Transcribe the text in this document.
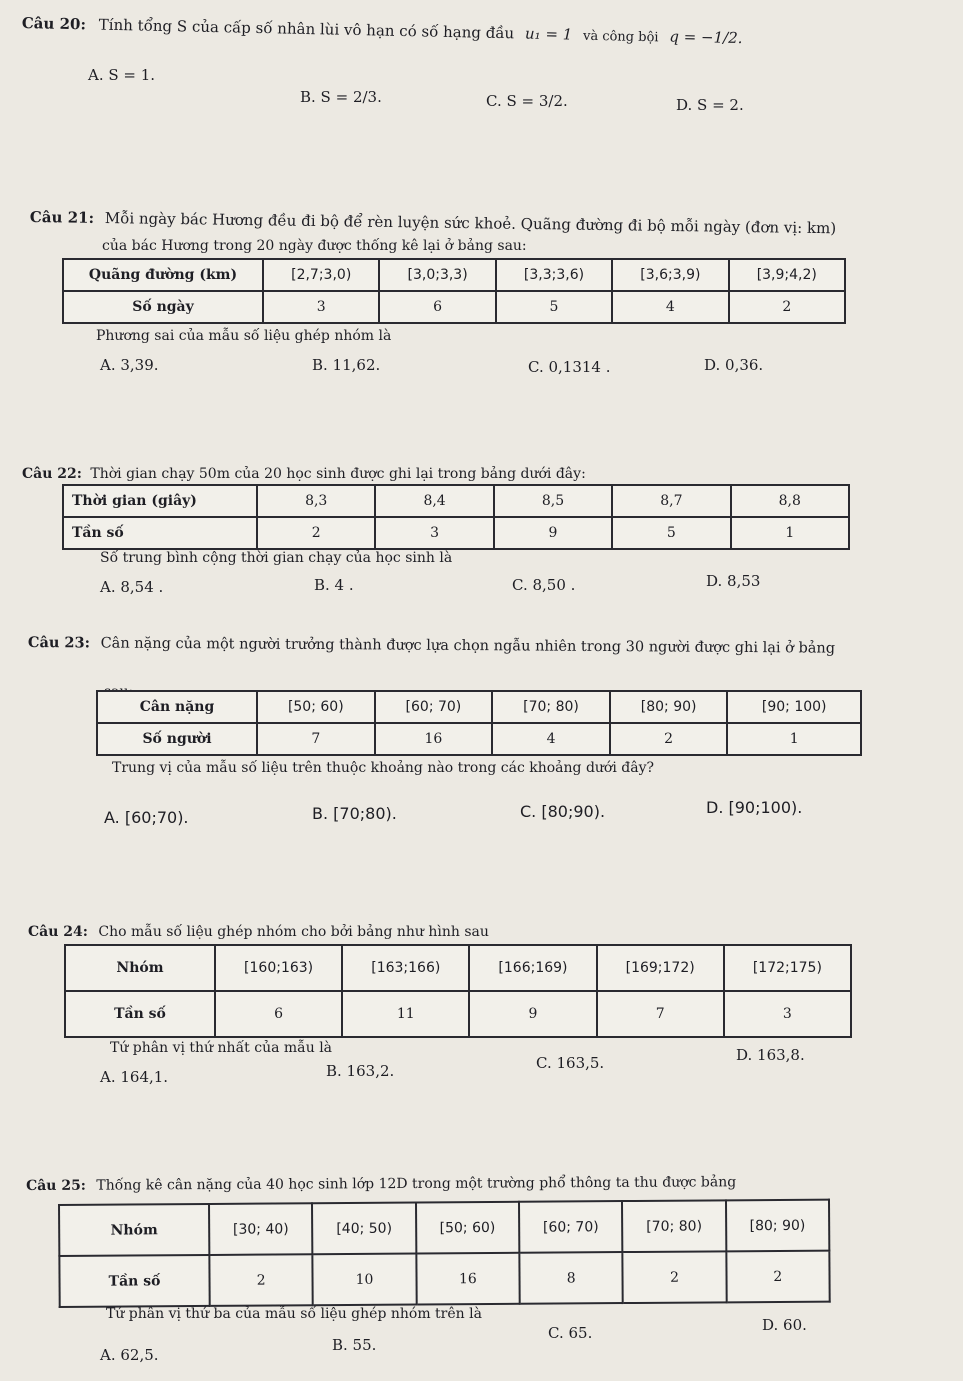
Câu 20: Tính tổng S của cấp số nhân lùi vô hạn có số hạng đầu u₁ = 1 và công bội q = −1/2.
A. S = 1.
B. S = 2/3.	C. S = 3/2.	D. S = 2.
Câu 21: Mỗi ngày bác Hương đều đi bộ để rèn luyện sức khoẻ. Quãng đường đi bộ mỗi ngày (đơn vị: km)
của bác Hương trong 20 ngày được thống kê lại ở bảng sau:
Quãng đường (km)	[2,7;3,0)	[3,0;3,3)	[3,3;3,6)	[3,6;3,9)	[3,9;4,2)
Số ngày	3	6	5	4	2
Phương sai của mẫu số liệu ghép nhóm là
A. 3,39.	B. 11,62.	C. 0,1314 .	D. 0,36.
Câu 22: Thời gian chạy 50m của 20 học sinh được ghi lại trong bảng dưới đây:
Thời gian (giây)	8,3	8,4	8,5	8,7	8,8
Tần số	2	3	9	5	1
Số trung bình cộng thời gian chạy của học sinh là
A. 8,54 .	B. 4 .	C. 8,50 .	D. 8,53
Câu 23: Cân nặng của một người trưởng thành được lựa chọn ngẫu nhiên trong 30 người được ghi lại ở bảng
Cân nặng	[50; 60)	[60; 70)	[70; 80)	[80; 90)	[90; 100)
Số người	7	16	4	2	1
Trung vị của mẫu số liệu trên thuộc khoảng nào trong các khoảng dưới đây?
A. [60;70).	B. [70;80).	C. [80;90).	D. [90;100).
Câu 24: Cho mẫu số liệu ghép nhóm cho bởi bảng như hình sau
Nhóm	[160;163)	[163;166)	[166;169)	[169;172)	[172;175)
Tần số	6	11	9	7	3
Tứ phân vị thứ nhất của mẫu là
A. 164,1.	B. 163,2.	C. 163,5.	D. 163,8.
Câu 25: Thống kê cân nặng của 40 học sinh lớp 12D trong một trường phổ thông ta thu được bảng
Nhóm	[30; 40)	[40; 50)	[50; 60)	[60; 70)	[70; 80)	[80; 90)
Tần số	2	10	16	8	2	2
Tứ phân vị thứ ba của mẫu số liệu ghép nhóm trên là
A. 62,5.
B. 55.
C. 65.	D. 60.
